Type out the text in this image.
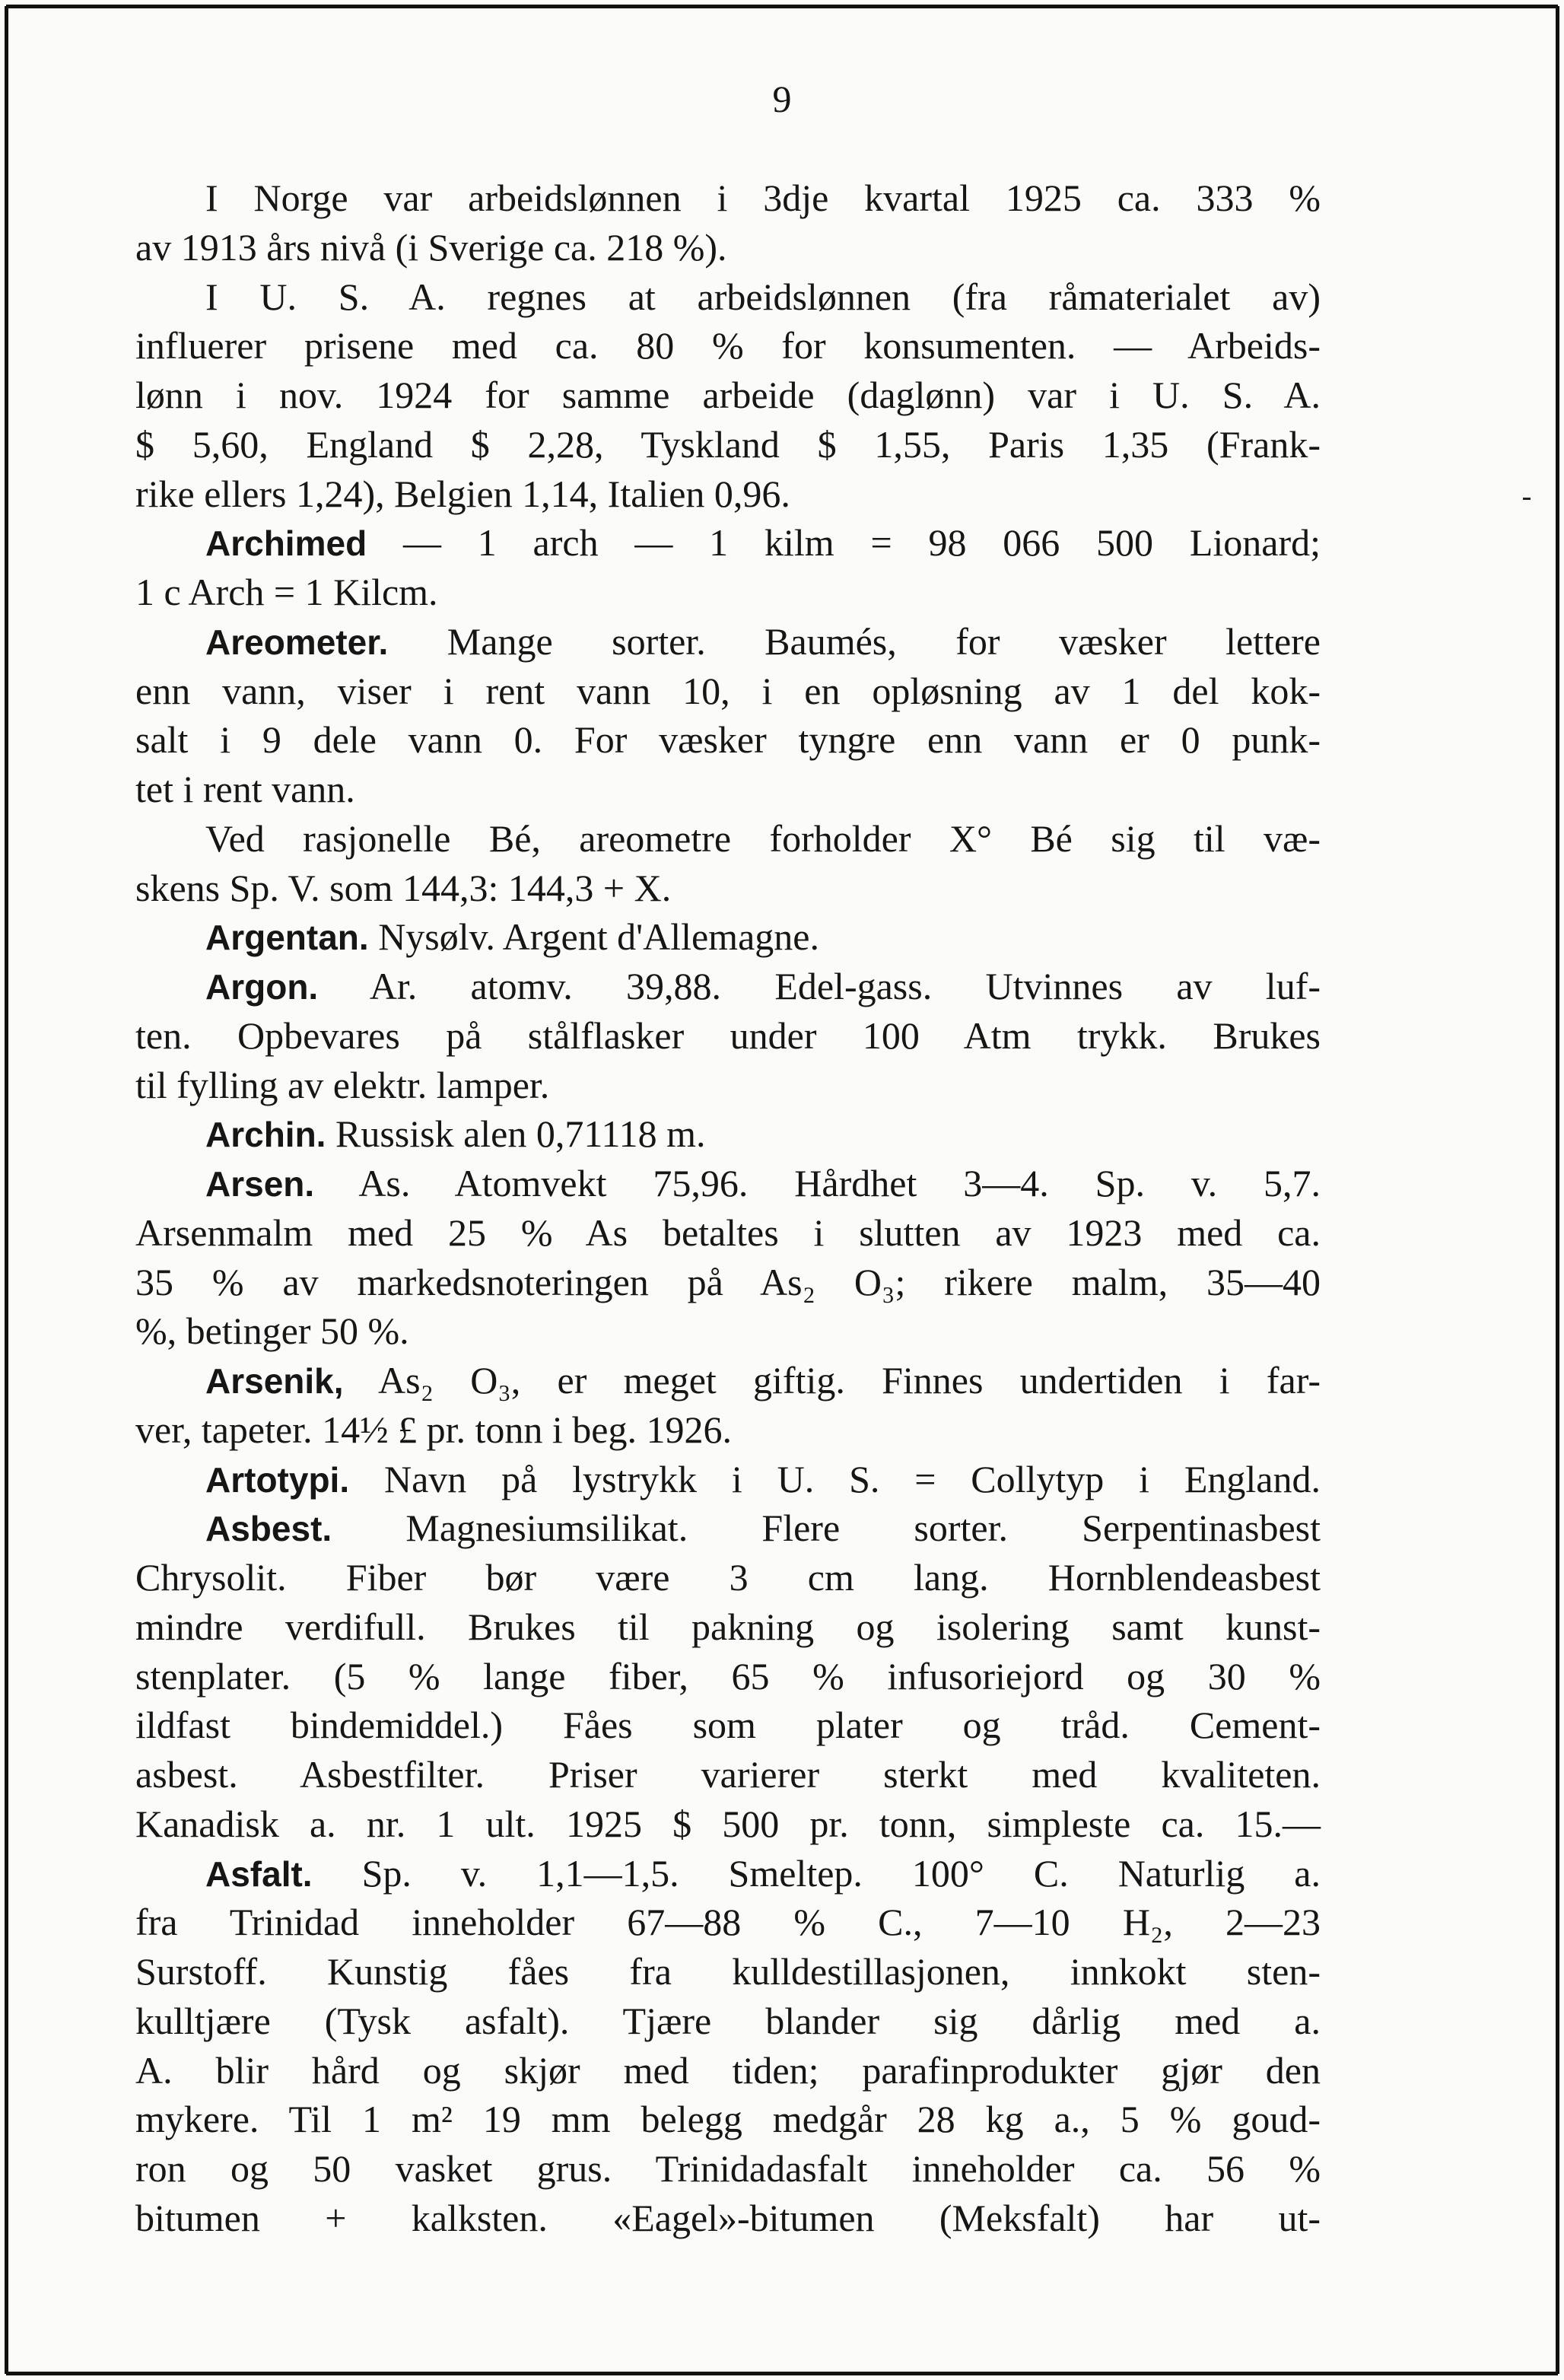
9
I Norge var arbeidslønnen i 3dje kvartal 1925 ca. 333 %
av 1913 års nivå (i Sverige ca. 218 %).
I U. S. A. regnes at arbeidslønnen (fra råmaterialet av)
influerer prisene med ca. 80 % for konsumenten. — Arbeids-
lønn i nov. 1924 for samme arbeide (daglønn) var i U. S. A.
$ 5,60, England $ 2,28, Tyskland $ 1,55, Paris 1,35 (Frank-
rike ellers 1,24), Belgien 1,14, Italien 0,96.
Archimed — 1 arch — 1 kilm = 98 066 500 Lionard;
1 c Arch = 1 Kilcm.
Areometer. Mange sorter. Baumés, for væsker lettere
enn vann, viser i rent vann 10, i en opløsning av 1 del kok-
salt i 9 dele vann 0. For væsker tyngre enn vann er 0 punk-
tet i rent vann.
Ved rasjonelle Bé, areometre forholder X° Bé sig til væ-
skens Sp. V. som 144,3: 144,3 + X.
Argentan. Nysølv. Argent d'Allemagne.
Argon. Ar. atomv. 39,88. Edel-gass. Utvinnes av luf-
ten. Opbevares på stålflasker under 100 Atm trykk. Brukes
til fylling av elektr. lamper.
Archin. Russisk alen 0,71118 m.
Arsen. As. Atomvekt 75,96. Hårdhet 3—4. Sp. v. 5,7.
Arsenmalm med 25 % As betaltes i slutten av 1923 med ca.
35 % av markedsnoteringen på As₂ O₃; rikere malm, 35—40
%, betinger 50 %.
Arsenik, As₂ O₃, er meget giftig. Finnes undertiden i far-
ver, tapeter. 14½ £ pr. tonn i beg. 1926.
Artotypi. Navn på lystrykk i U. S. = Collytyp i England.
Asbest. Magnesiumsilikat. Flere sorter. Serpentinasbest
Chrysolit. Fiber bør være 3 cm lang. Hornblendeasbest
mindre verdifull. Brukes til pakning og isolering samt kunst-
stenplater. (5 % lange fiber, 65 % infusoriejord og 30 %
ildfast bindemiddel.) Fåes som plater og tråd. Cement-
asbest. Asbestfilter. Priser varierer sterkt med kvaliteten.
Kanadisk a. nr. 1 ult. 1925 $ 500 pr. tonn, simpleste ca. 15.—
Asfalt. Sp. v. 1,1—1,5. Smeltep. 100° C. Naturlig a.
fra Trinidad inneholder 67—88 % C., 7—10 H₂, 2—23
Surstoff. Kunstig fåes fra kulldestillasjonen, innkokt sten-
kulltjære (Tysk asfalt). Tjære blander sig dårlig med a.
A. blir hård og skjør med tiden; parafinprodukter gjør den
mykere. Til 1 m² 19 mm belegg medgår 28 kg a., 5 % goud-
ron og 50 vasket grus. Trinidadasfalt inneholder ca. 56 %
bitumen + kalksten. «Eagel»-bitumen (Meksfalt) har ut-
